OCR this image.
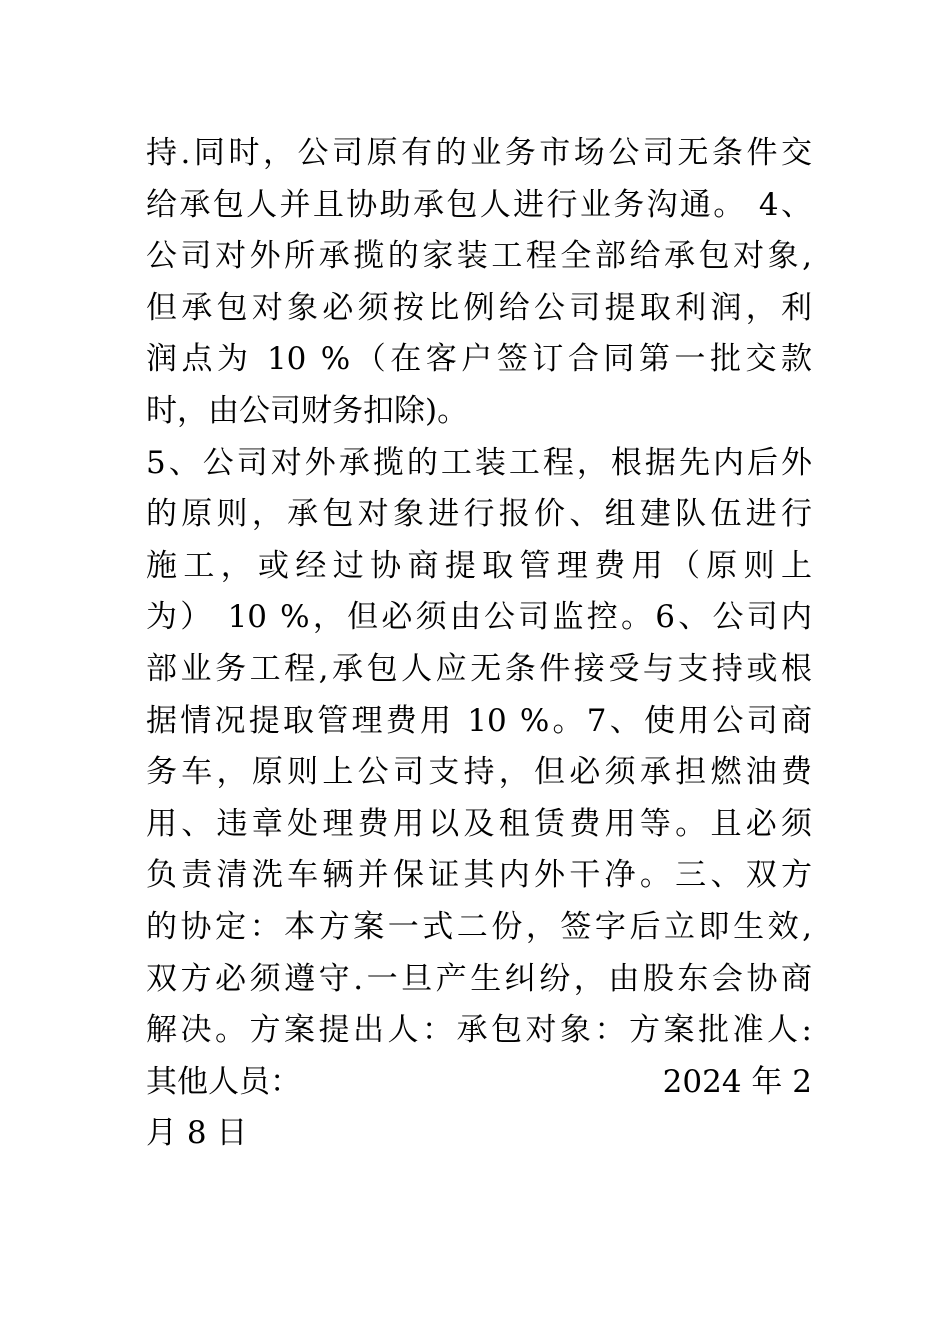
持.同时，公司原有的业务市场公司无条件交
给承包人并且协助承包人进行业务沟通。 4、
公司对外所承揽的家装工程全部给承包对象,
但承包对象必须按比例给公司提取利润，利
润点为 10 %（在客户签订合同第一批交款
时，由公司财务扣除)。
5、公司对外承揽的工装工程，根据先内后外
的原则，承包对象进行报价、组建队伍进行
施工，或经过协商提取管理费用（原则上
为） 10 %，但必须由公司监控。6、公司内
部业务工程,承包人应无条件接受与支持或根
据情况提取管理费用 10 %。7、使用公司商
务车，原则上公司支持，但必须承担燃油费
用、违章处理费用以及租赁费用等。且必须
负责清洗车辆并保证其内外干净。三、双方
的协定：本方案一式二份，签字后立即生效,
双方必须遵守.一旦产生纠纷，由股东会协商
解决。方案提出人：承包对象：方案批准人:
其他人员：	2024 年 2
月 8 日
